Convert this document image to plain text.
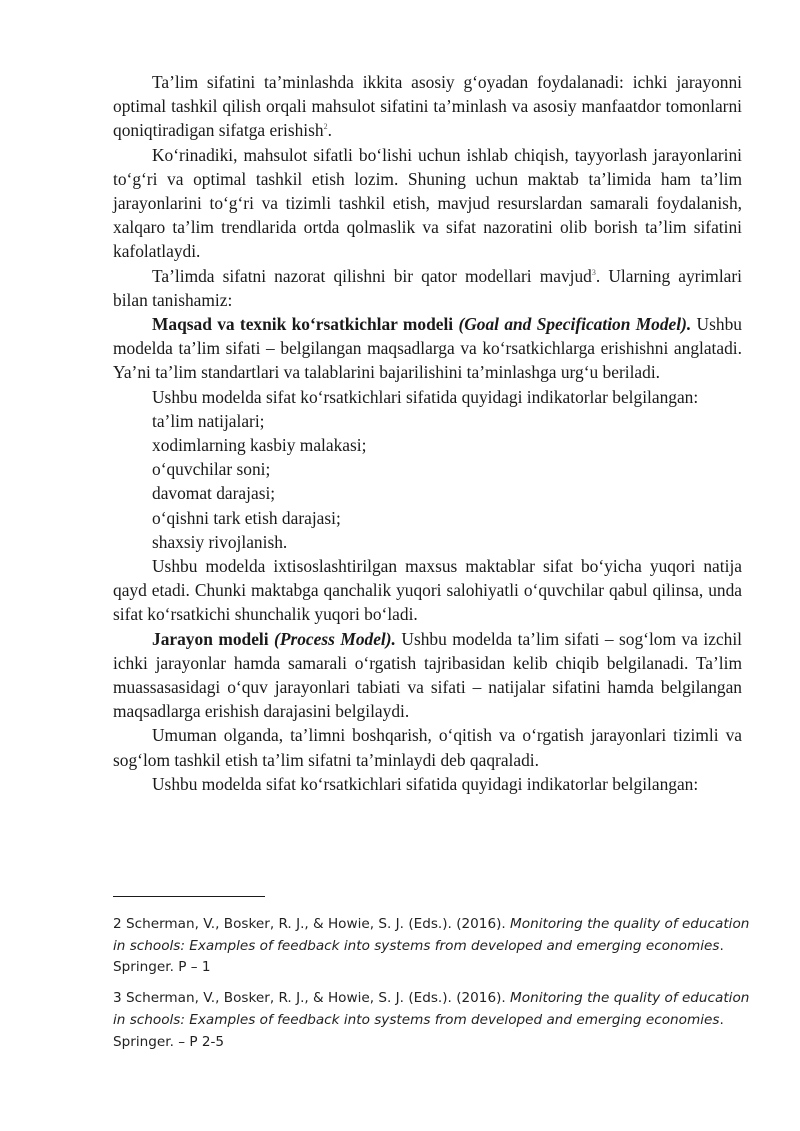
Ta’lim sifatini ta’minlashda ikkita asosiy gʻoyadan foydalanadi: ichki jarayonni optimal tashkil qilish orqali mahsulot sifatini ta’minlash va asosiy manfaatdor tomonlarni qoniqtiradigan sifatga erishish$^2$.

Koʻrinadiki, mahsulot sifatli boʻlishi uchun ishlab chiqish, tayyorlash jarayonlarini toʻgʻri va optimal tashkil etish lozim. Shuning uchun maktab ta’limida ham ta’lim jarayonlarini toʻgʻri va tizimli tashkil etish, mavjud resurslardan samarali foydalanish, xalqaro ta’lim trendlarida ortda qolmaslik va sifat nazoratini olib borish ta’lim sifatini kafolatlaydi.

Ta’limda sifatni nazorat qilishni bir qator modellari mavjud$^3$. Ularning ayrimlari bilan tanishamiz:

Maqsad va texnik koʻrsatkichlar modeli (Goal and Specification Model). Ushbu modelda ta’lim sifati – belgilangan maqsadlarga va koʻrsatkichlarga erishishni anglatadi. Ya’ni ta’lim standartlari va talablarini bajarilishini ta’minlashga urgʻu beriladi.

Ushbu modelda sifat koʻrsatkichlari sifatida quyidagi indikatorlar belgilangan:

ta’lim natijalari;

xodimlarning kasbiy malakasi;

oʻquvchilar soni;

davomat darajasi;

oʻqishni tark etish darajasi;

shaxsiy rivojlanish.

Ushbu modelda ixtisoslashtirilgan maxsus maktablar sifat boʻyicha yuqori natija qayd etadi. Chunki maktabga qanchalik yuqori salohiyatli oʻquvchilar qabul qilinsa, unda sifat koʻrsatkichi shunchalik yuqori boʻladi.

Jarayon modeli (Process Model). Ushbu modelda ta’lim sifati – sogʻlom va izchil ichki jarayonlar hamda samarali oʻrgatish tajribasidan kelib chiqib belgilanadi. Ta’lim muassasasidagi oʻquv jarayonlari tabiati va sifati – natijalar sifatini hamda belgilangan maqsadlarga erishish darajasini belgilaydi.

Umuman olganda, ta’limni boshqarish, oʻqitish va oʻrgatish jarayonlari tizimli va sogʻlom tashkil etish ta’lim sifatni ta’minlaydi deb qaqraladi.

Ushbu modelda sifat koʻrsatkichlari sifatida quyidagi indikatorlar belgilangan:

2 Scherman, V., Bosker, R. J., & Howie, S. J. (Eds.). (2016). Monitoring the quality of education in schools: Examples of feedback into systems from developed and emerging economies. Springer. P – 1

3 Scherman, V., Bosker, R. J., & Howie, S. J. (Eds.). (2016). Monitoring the quality of education in schools: Examples of feedback into systems from developed and emerging economies. Springer. – P 2-5
